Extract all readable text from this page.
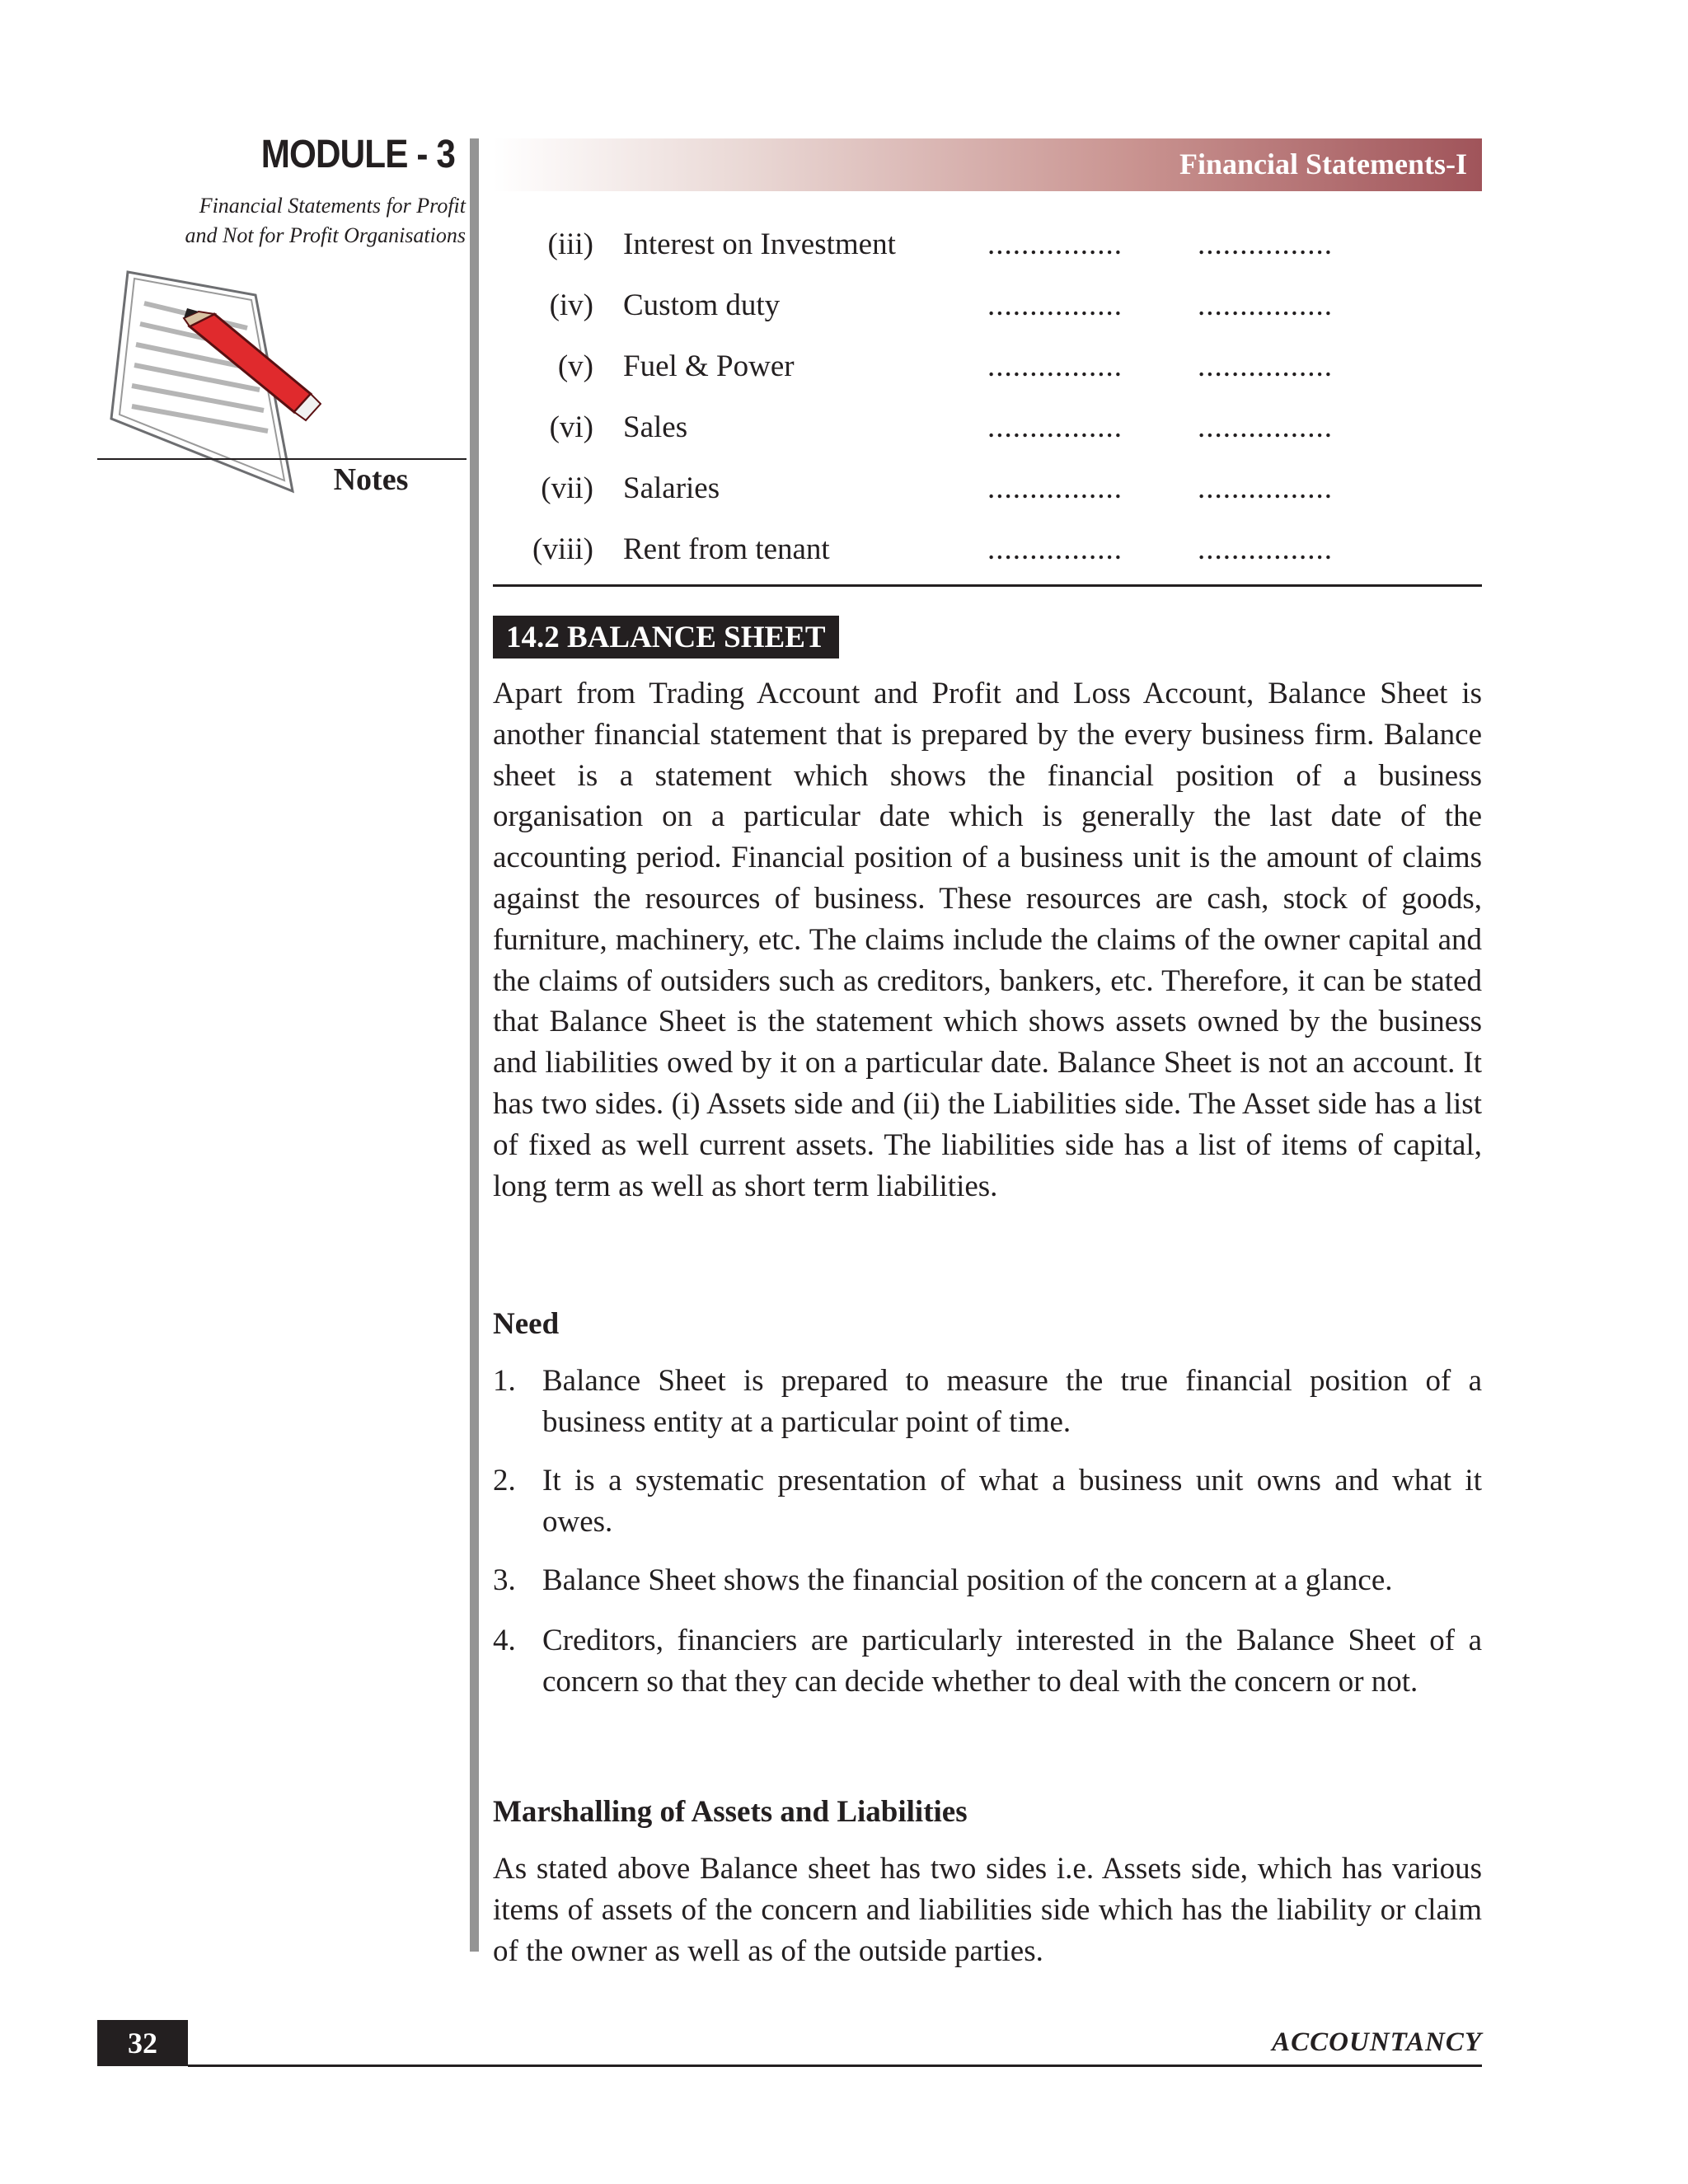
MODULE - 3
Financial Statements for Profit
and Not for Profit Organisations
Notes
Financial Statements-I
(iii) Interest on Investment	................ ................
(iv) Custom duty	................ ................
(v) Fuel & Power	................ ................
(vi) Sales	................ ................
(vii) Salaries	................ ................
(viii) Rent from tenant	................ ................
14.2 BALANCE SHEET

Apart from Trading Account and Profit and Loss Account, Balance Sheet is another financial statement that is prepared by the every business firm. Balance sheet is a statement which shows the financial position of a business organisation on a particular date which is generally the last date of the accounting period. Financial position of a business unit is the amount of claims against the resources of business. These resources are cash, stock of goods, furniture, machinery, etc. The claims include the claims of the owner capital and the claims of outsiders such as creditors, bankers, etc. Therefore, it can be stated that Balance Sheet is the statement which shows assets owned by the business and liabilities owed by it on a particular date. Balance Sheet is not an account. It has two sides. (i) Assets side and (ii) the Liabilities side. The Asset side has a list of fixed as well current assets. The liabilities side has a list of items of capital, long term as well as short term liabilities.

Need
1. Balance Sheet is prepared to measure the true financial position of a business entity at a particular point of time.
2. It is a systematic presentation of what a business unit owns and what it owes.
3. Balance Sheet shows the financial position of the concern at a glance.
4. Creditors, financiers are particularly interested in the Balance Sheet of a concern so that they can decide whether to deal with the concern or not.
Marshalling of Assets and Liabilities

As stated above Balance sheet has two sides i.e. Assets side, which has various items of assets of the concern and liabilities side which has the liability or claim of the owner as well as of the outside parties.

32	ACCOUNTANCY
